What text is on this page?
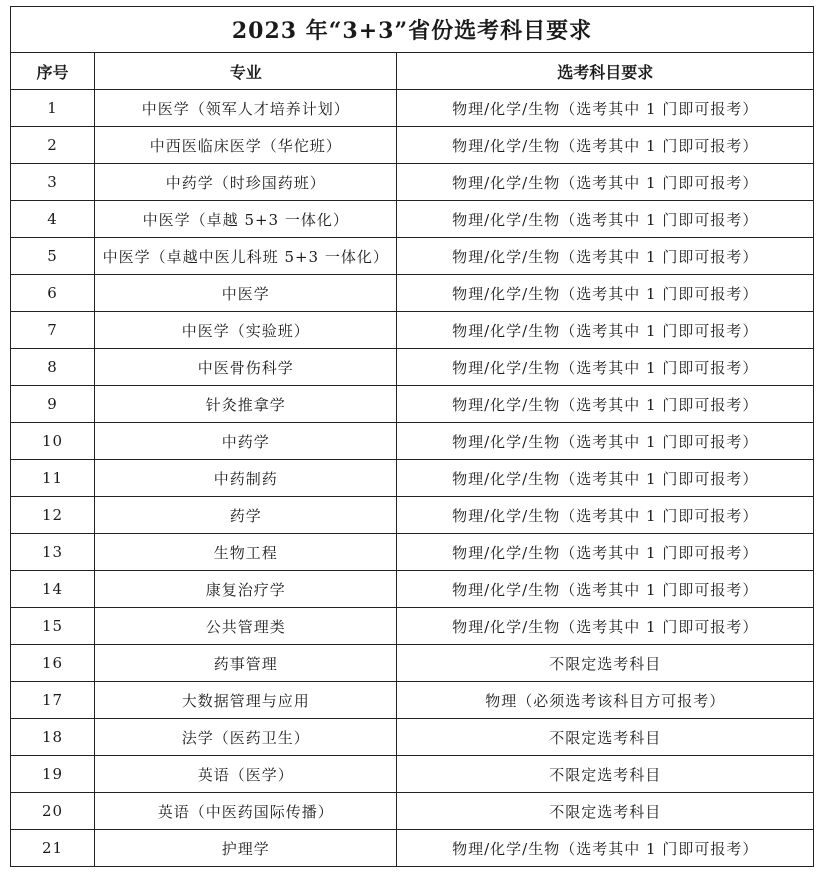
2023 年“3+3”省份选考科目要求		
序号	专业	选考科目要求
1	中医学（领军人才培养计划）	物理/化学/生物（选考其中 1 门即可报考）
2	中西医临床医学（华佗班）	物理/化学/生物（选考其中 1 门即可报考）
3	中药学（时珍国药班）	物理/化学/生物（选考其中 1 门即可报考）
4	中医学（卓越 5+3 一体化）	物理/化学/生物（选考其中 1 门即可报考）
5	中医学（卓越中医儿科班 5+3 一体化）	物理/化学/生物（选考其中 1 门即可报考）
6	中医学	物理/化学/生物（选考其中 1 门即可报考）
7	中医学（实验班）	物理/化学/生物（选考其中 1 门即可报考）
8	中医骨伤科学	物理/化学/生物（选考其中 1 门即可报考）
9	针灸推拿学	物理/化学/生物（选考其中 1 门即可报考）
10	中药学	物理/化学/生物（选考其中 1 门即可报考）
11	中药制药	物理/化学/生物（选考其中 1 门即可报考）
12	药学	物理/化学/生物（选考其中 1 门即可报考）
13	生物工程	物理/化学/生物（选考其中 1 门即可报考）
14	康复治疗学	物理/化学/生物（选考其中 1 门即可报考）
15	公共管理类	物理/化学/生物（选考其中 1 门即可报考）
16	药事管理	不限定选考科目
17	大数据管理与应用	物理（必须选考该科目方可报考）
18	法学（医药卫生）	不限定选考科目
19	英语（医学）	不限定选考科目
20	英语（中医药国际传播）	不限定选考科目
21	护理学	物理/化学/生物（选考其中 1 门即可报考）
